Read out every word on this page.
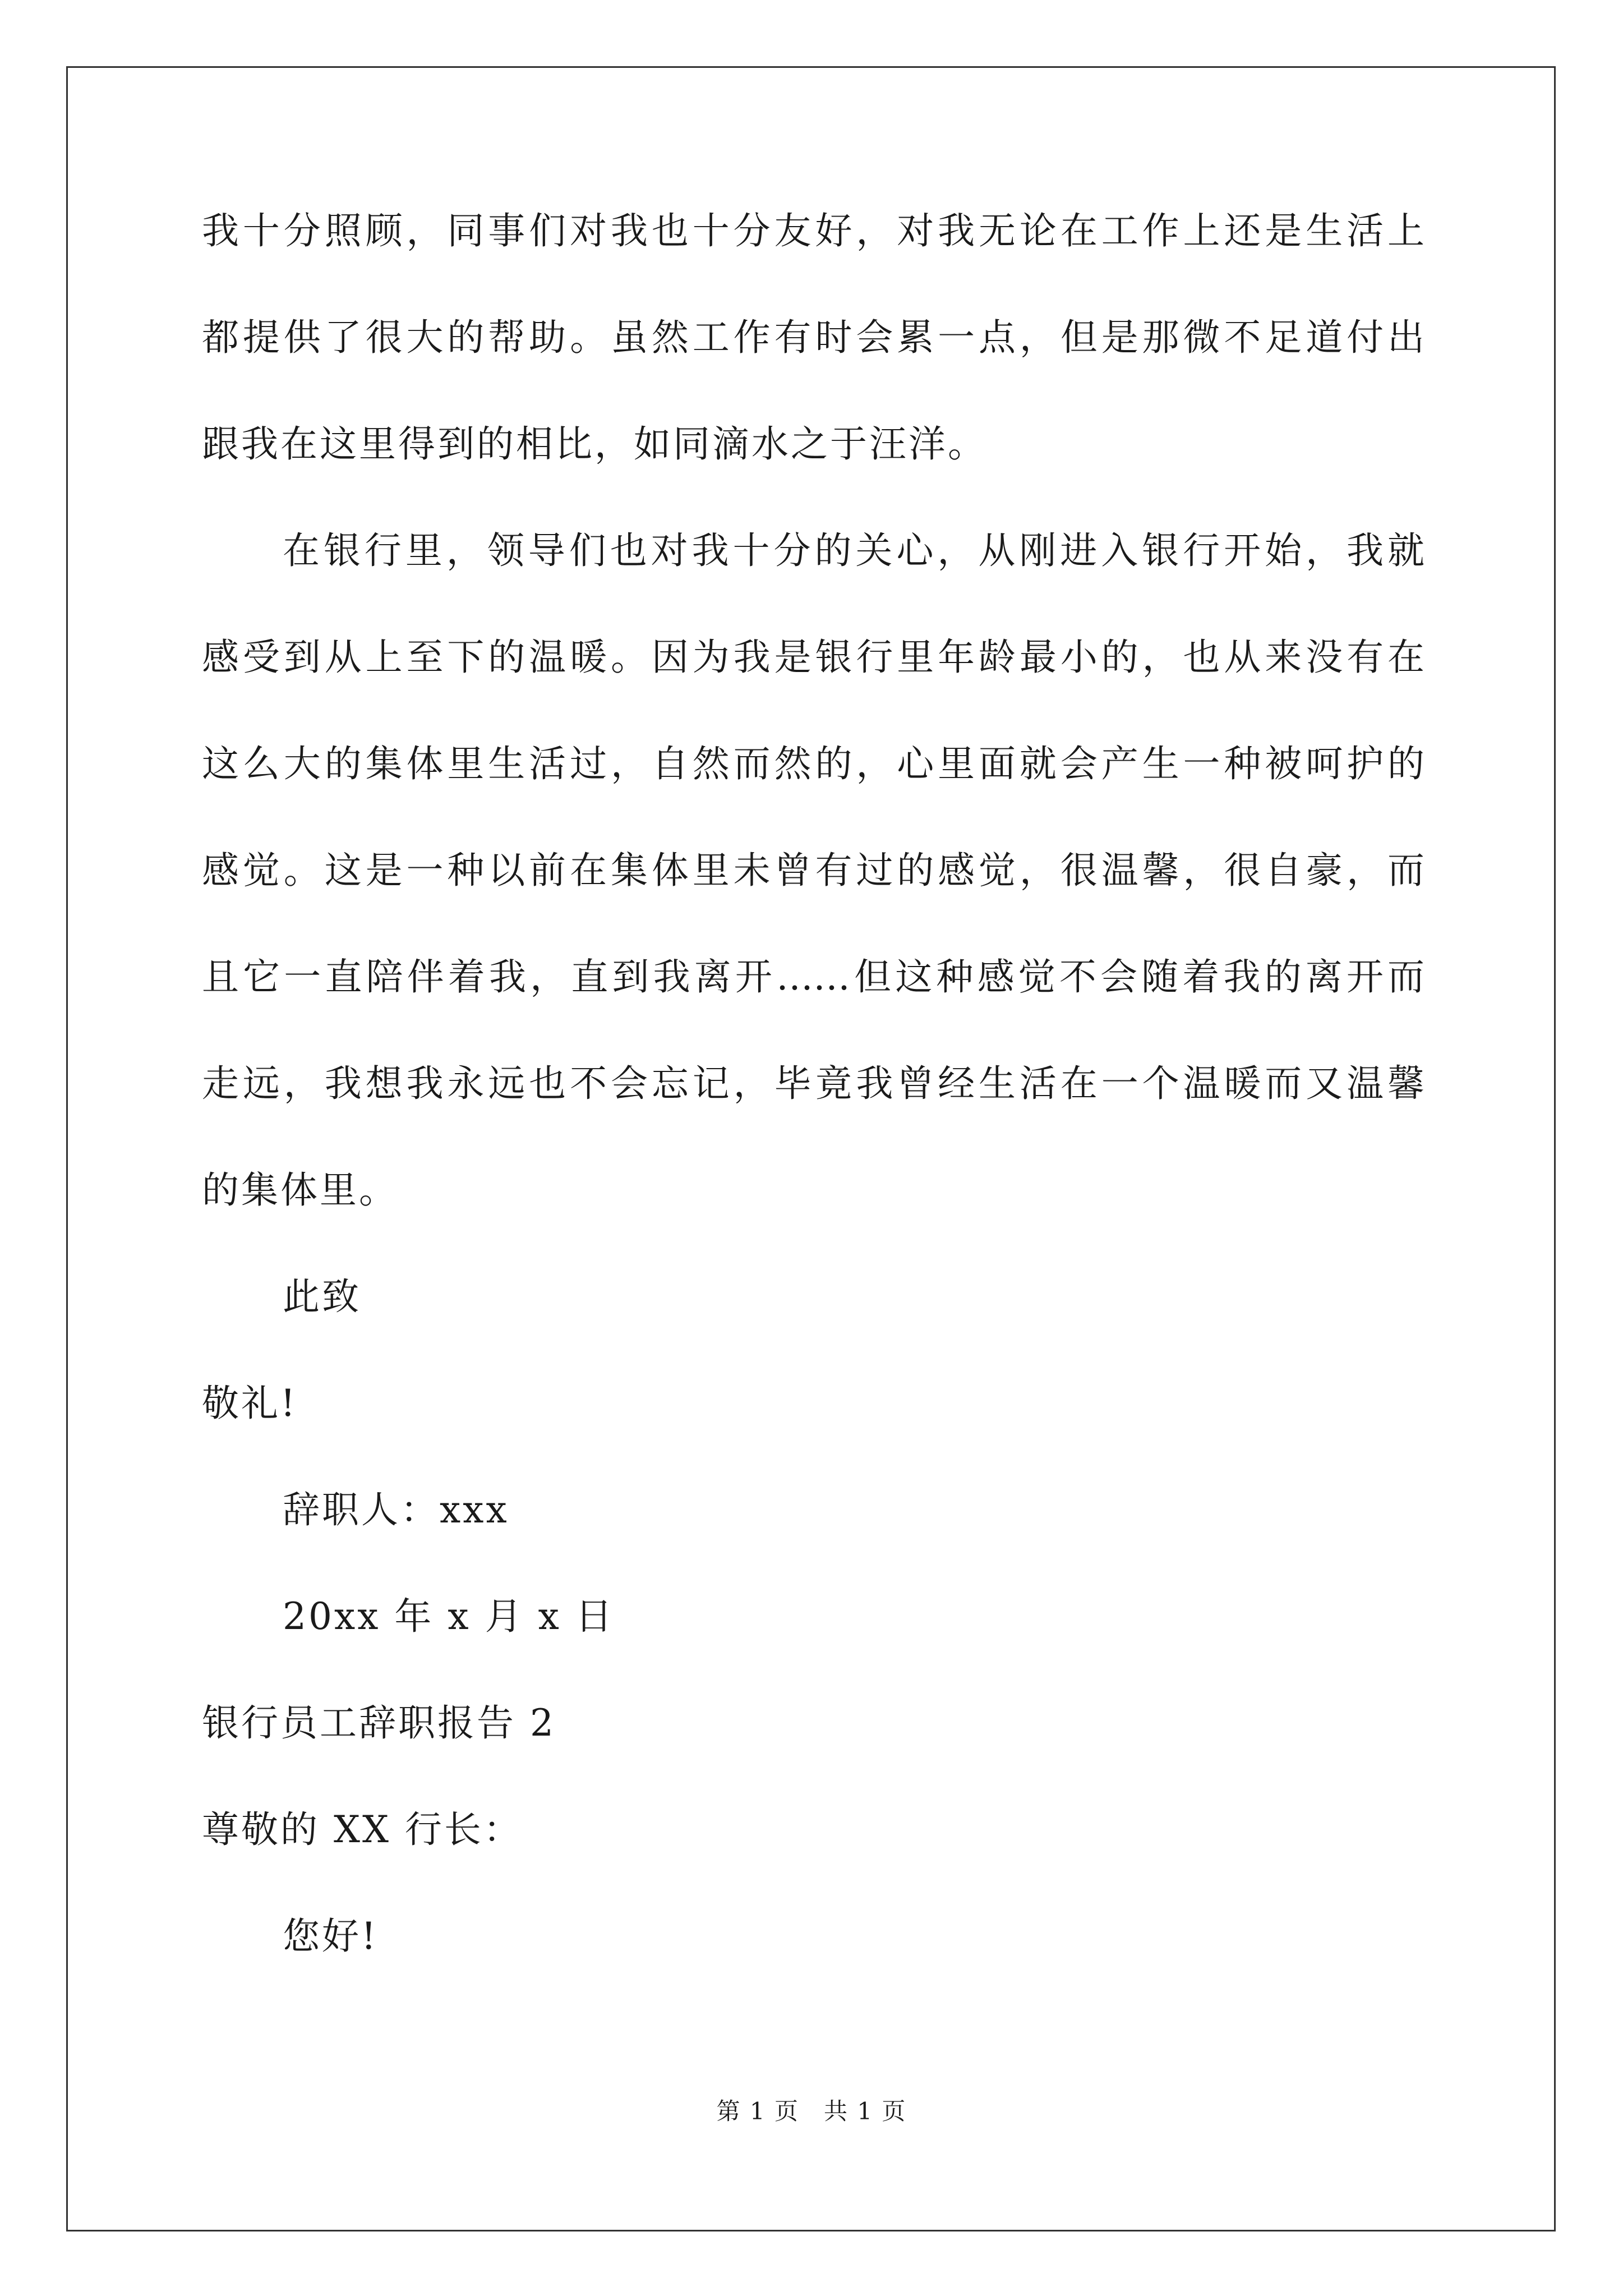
我十分照顾，同事们对我也十分友好，对我无论在工作上还是生活上
都提供了很大的帮助。虽然工作有时会累一点，但是那微不足道付出
跟我在这里得到的相比，如同滴水之于汪洋。
在银行里，领导们也对我十分的关心，从刚进入银行开始，我就
感受到从上至下的温暖。因为我是银行里年龄最小的，也从来没有在
这么大的集体里生活过，自然而然的，心里面就会产生一种被呵护的
感觉。这是一种以前在集体里未曾有过的感觉，很温馨，很自豪，而
且它一直陪伴着我，直到我离开……但这种感觉不会随着我的离开而
走远，我想我永远也不会忘记，毕竟我曾经生活在一个温暖而又温馨
的集体里。
此致
敬礼!
辞职人：xxx
20xx 年 x 月 x 日
银行员工辞职报告 2
尊敬的 XX 行长：
您好!
第 1 页　共 1 页
